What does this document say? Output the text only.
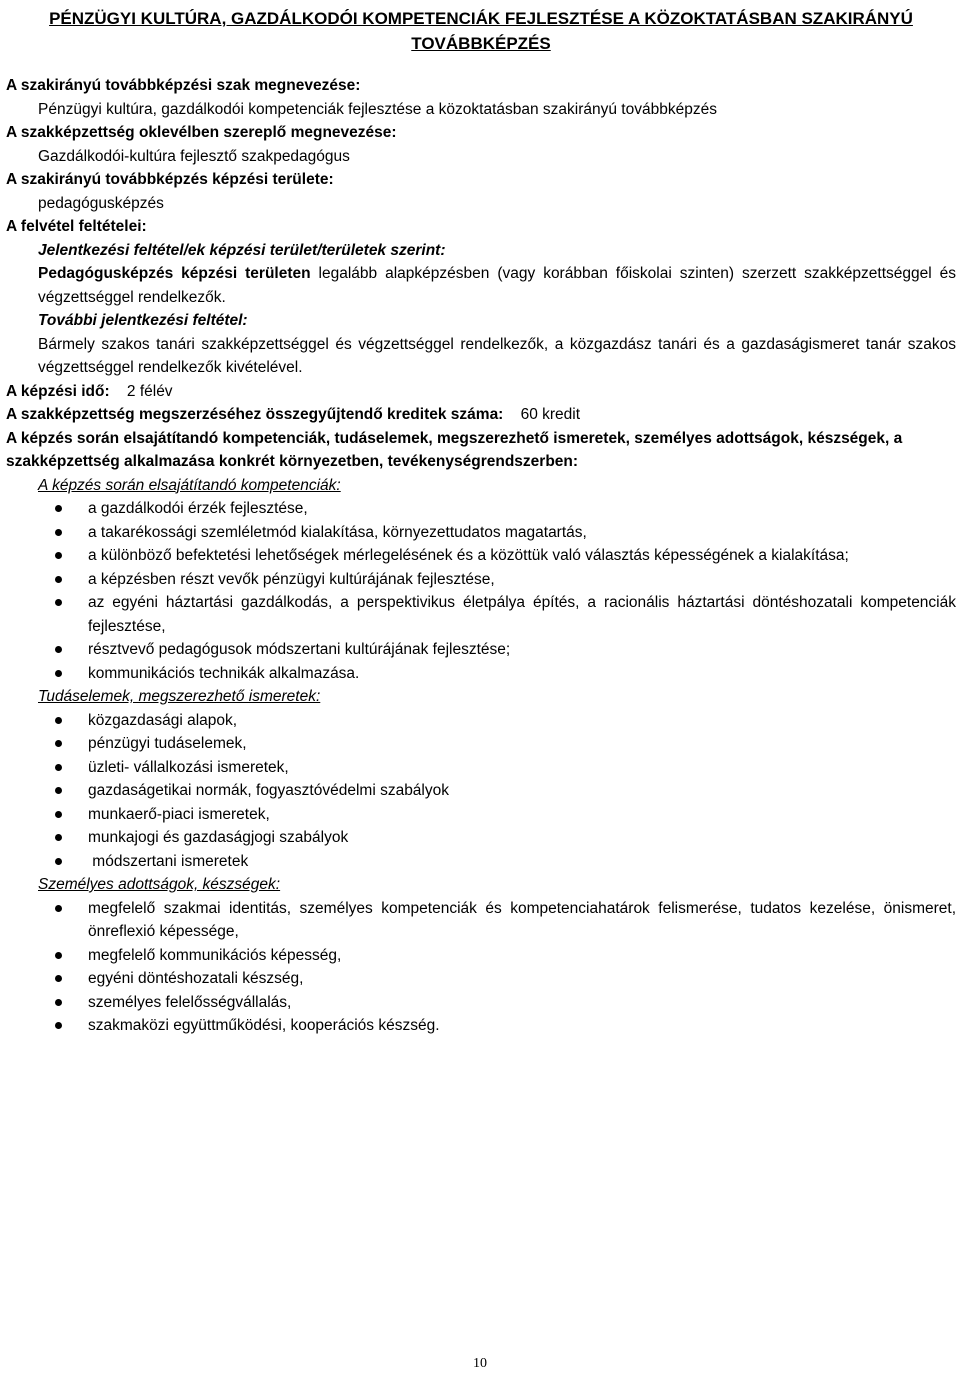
PÉNZÜGYI KULTÚRA, GAZDÁLKODÓI KOMPETENCIÁK FEJLESZTÉSE A KÖZOKTATÁSBAN SZAKIRÁNYÚ TOVÁBBKÉPZÉS
A szakirányú továbbképzési szak megnevezése:
Pénzügyi kultúra, gazdálkodói kompetenciák fejlesztése a közoktatásban szakirányú továbbképzés
A szakképzettség oklevélben szereplő megnevezése:
Gazdálkodói-kultúra fejlesztő szakpedagógus
A szakirányú továbbképzés képzési területe:
pedagógusképzés
A felvétel feltételei:
Jelentkezési feltétel/ek képzési terület/területek szerint:
Pedagógusképzés képzési területen legalább alapképzésben (vagy korábban főiskolai szinten) szerzett szakképzettséggel és végzettséggel rendelkezők.
További jelentkezési feltétel:
Bármely szakos tanári szakképzettséggel és végzettséggel rendelkezők, a közgazdász tanári és a gazdaságismeret tanár szakos végzettséggel rendelkezők kivételével.
A képzési idő: 2 félév
A szakképzettség megszerzéséhez összegyűjtendő kreditek száma: 60 kredit
A képzés során elsajátítandó kompetenciák, tudáselemek, megszerezhető ismeretek, személyes adottságok, készségek, a szakképzettség alkalmazása konkrét környezetben, tevékenységrendszerben:
A képzés során elsajátítandó kompetenciák:
a gazdálkodói érzék fejlesztése,
a takarékossági szemléletmód kialakítása, környezettudatos magatartás,
a különböző befektetési lehetőségek mérlegelésének és a közöttük való választás képességének a kialakítása;
a képzésben részt vevők pénzügyi kultúrájának fejlesztése,
az egyéni háztartási gazdálkodás, a perspektivikus életpálya építés, a racionális háztartási döntéshozatali kompetenciák fejlesztése,
résztvevő pedagógusok módszertani kultúrájának fejlesztése;
kommunikációs technikák alkalmazása.
Tudáselemek, megszerezhető ismeretek:
közgazdasági alapok,
pénzügyi tudáselemek,
üzleti- vállalkozási ismeretek,
gazdaságetikai normák, fogyasztóvédelmi szabályok
munkaerő-piaci ismeretek,
munkajogi és gazdaságjogi szabályok
módszertani ismeretek
Személyes adottságok, készségek:
megfelelő szakmai identitás, személyes kompetenciák és kompetenciahatárok felismerése, tudatos kezelése, önismeret, önreflexió képessége,
megfelelő kommunikációs képesség,
egyéni döntéshozatali készség,
személyes felelősségvállalás,
szakmaközi együttműködési, kooperációs készség.
10
